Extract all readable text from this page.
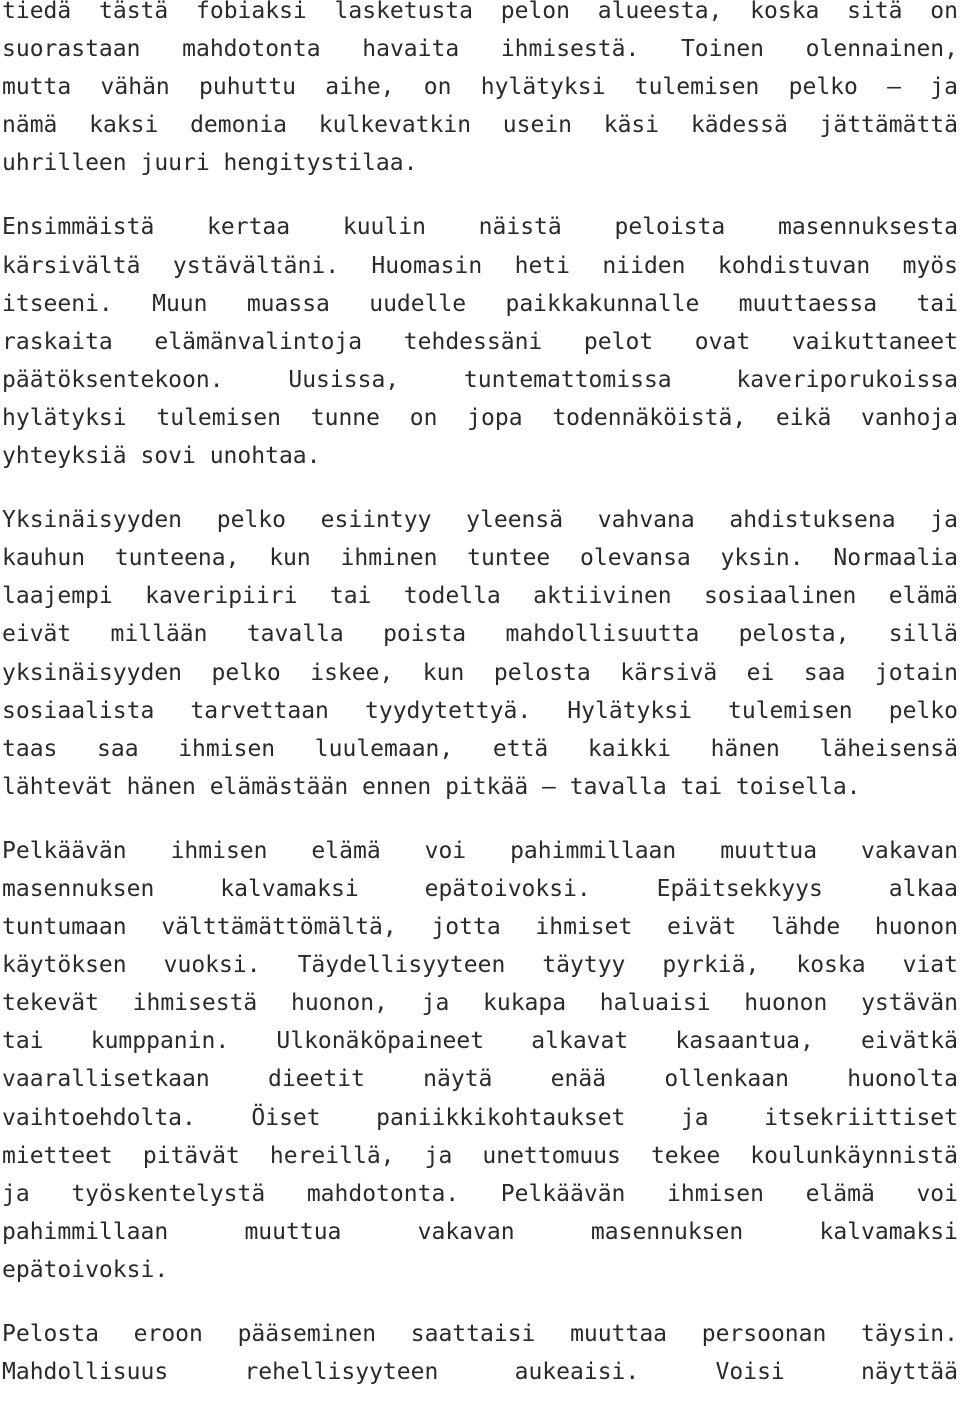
tiedä tästä fobiaksi lasketusta pelon alueesta, koska sitä on
suorastaan mahdotonta havaita ihmisestä. Toinen olennainen,
mutta vähän puhuttu aihe, on hylätyksi tulemisen pelko – ja
nämä kaksi demonia kulkevatkin usein käsi kädessä jättämättä
uhrilleen juuri hengitystilaa.
Ensimmäistä kertaa kuulin näistä peloista masennuksesta
kärsivältä ystävältäni. Huomasin heti niiden kohdistuvan myös
itseeni. Muun muassa uudelle paikkakunnalle muuttaessa tai
raskaita elämänvalintoja tehdessäni pelot ovat vaikuttaneet
päätöksentekoon. Uusissa, tuntemattomissa kaveriporukoissa
hylätyksi tulemisen tunne on jopa todennäköistä, eikä vanhoja
yhteyksiä sovi unohtaa.
Yksinäisyyden pelko esiintyy yleensä vahvana ahdistuksena ja
kauhun tunteena, kun ihminen tuntee olevansa yksin. Normaalia
laajempi kaveripiiri tai todella aktiivinen sosiaalinen elämä
eivät millään tavalla poista mahdollisuutta pelosta, sillä
yksinäisyyden pelko iskee, kun pelosta kärsivä ei saa jotain
sosiaalista tarvettaan tyydytettyä. Hylätyksi tulemisen pelko
taas saa ihmisen luulemaan, että kaikki hänen läheisensä
lähtevät hänen elämästään ennen pitkää – tavalla tai toisella.
Pelkäävän ihmisen elämä voi pahimmillaan muuttua vakavan
masennuksen kalvamaksi epätoivoksi. Epäitsekkyys alkaa
tuntumaan välttämättömältä, jotta ihmiset eivät lähde huonon
käytöksen vuoksi. Täydellisyyteen täytyy pyrkiä, koska viat
tekevät ihmisestä huonon, ja kukapa haluaisi huonon ystävän
tai kumppanin. Ulkonäköpaineet alkavat kasaantua, eivätkä
vaarallisetkaan dieetit näytä enää ollenkaan huonolta
vaihtoehdolta. Öiset paniikkikohtaukset ja itsekriittiset
mietteet pitävät hereillä, ja unettomuus tekee koulunkäynnistä
ja työskentelystä mahdotonta. Pelkäävän ihmisen elämä voi
pahimmillaan muuttua vakavan masennuksen kalvamaksi
epätoivoksi.
Pelosta eroon pääseminen saattaisi muuttaa persoonan täysin.
Mahdollisuus rehellisyyteen aukeaisi. Voisi näyttää
